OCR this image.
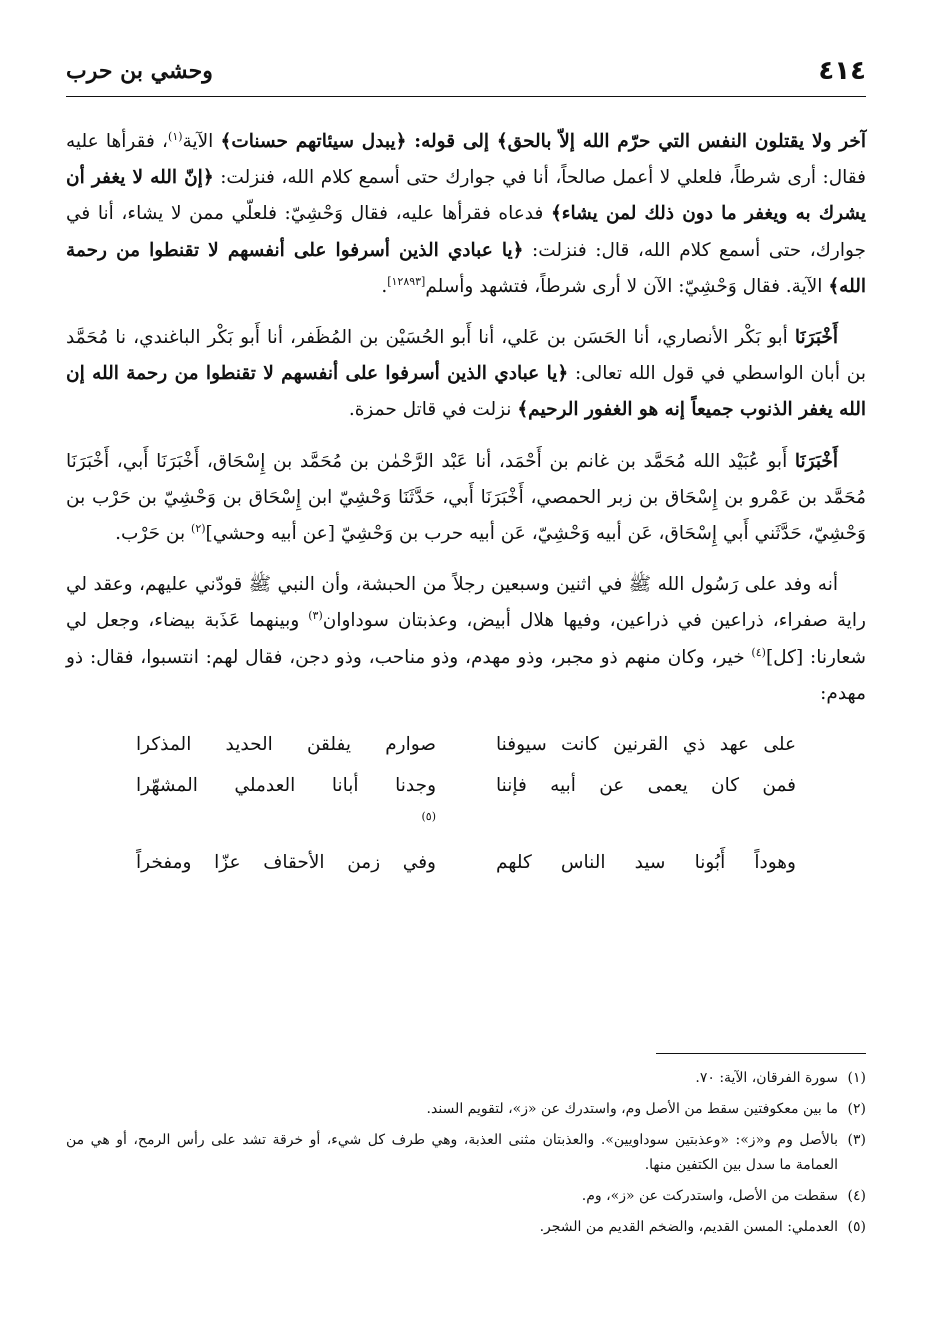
٤١٤
وحشي بن حرب

آخر ولا يقتلون النفس التي حرّم الله إلاّ بالحق﴾ إلى قوله: ﴿يبدل سيئاتهم حسنات﴾ الآية$^{(١)}$، فقرأها عليه فقال: أرى شرطاً، فلعلي لا أعمل صالحاً، أنا في جوارك حتى أسمع كلام الله، فنزلت: ﴿إنّ الله لا يغفر أن يشرك به ويغفر ما دون ذلك لمن يشاء﴾ فدعاه فقرأها عليه، فقال وَحْشِيّ: فلعلّي ممن لا يشاء، أنا في جوارك، حتى أسمع كلام الله، قال: فنزلت: ﴿يا عبادي الذين أسرفوا على أنفسهم لا تقنطوا من رحمة الله﴾ الآية. فقال وَحْشِيّ: الآن لا أرى شرطاً، فتشهد وأسلم[١٢٨٩٣].

أَخْبَرَنَا أبو بَكْر الأنصاري، أنا الحَسَن بن عَلي، أنا أَبو الحُسَيْن بن المُظَفر، أنا أَبو بَكْر الباغندي، نا مُحَمَّد بن أبان الواسطي في قول الله تعالى: ﴿يا عبادي الذين أسرفوا على أنفسهم لا تقنطوا من رحمة الله إن الله يغفر الذنوب جميعاً إنه هو الغفور الرحيم﴾ نزلت في قاتل حمزة.

أَخْبَرَنَا أَبو عُبَيْد الله مُحَمَّد بن غانم بن أَحْمَد، أنا عَبْد الرَّحْمٰن بن مُحَمَّد بن إِسْحَاق، أَخْبَرَنَا أَبي، أَخْبَرَنَا مُحَمَّد بن عَمْرو بن إِسْحَاق بن زبر الحمصي، أَخْبَرَنَا أَبي، حَدَّثَنَا وَحْشِيّ ابن إِسْحَاق بن وَحْشِيّ بن حَرْب بن وَحْشِيّ، حَدَّثَني أَبي إِسْحَاق، عَن أبيه وَحْشِيّ، عَن أبيه حرب بن وَحْشِيّ [عن أبيه وحشي]$^{(٢)}$ بن حَرْب.

أنه وفد على رَسُول الله ﷺ في اثنين وسبعين رجلاً من الحبشة، وأن النبي ﷺ قودّني عليهم، وعقد لي راية صفراء، ذراعين في ذراعين، وفيها هلال أبيض، وعذبتان سوداوان$^{(٣)}$ وبينهما عَذَبة بيضاء، وجعل لي شعارنا: [كل]$^{(٤)}$ خير، وكان منهم ذو مجبر، وذو مهدم، وذو مناحب، وذو دجن، فقال لهم: انتسبوا، فقال: ذو مهدم:

على عهد ذي القرنين كانت سيوفنا
صوارم يفلقن الحديد المذكرا
فمن كان يعمى عن أبيه فإننا
وجدنا أبانا العدملي المشهّرا
$^{(٥)}$
وهوداً أَبُونا سيد الناس كلهم
وفي زمن الأحقاف عزّا ومفخراً
(١)
سورة الفرقان، الآية: ٧٠.
(٢)
ما بين معكوفتين سقط من الأصل وم، واستدرك عن «ز»، لتقويم السند.
(٣)
بالأصل وم و«ز»: «وعذبتين سوداويين». والعذبتان مثنى العذبة، وهي طرف كل شيء، أو خرقة تشد على رأس الرمح، أو هي من العمامة ما سدل بين الكتفين منها.
(٤)
سقطت من الأصل، واستدركت عن «ز»، وم.
(٥)
العدملي: المسن القديم، والضخم القديم من الشجر.
